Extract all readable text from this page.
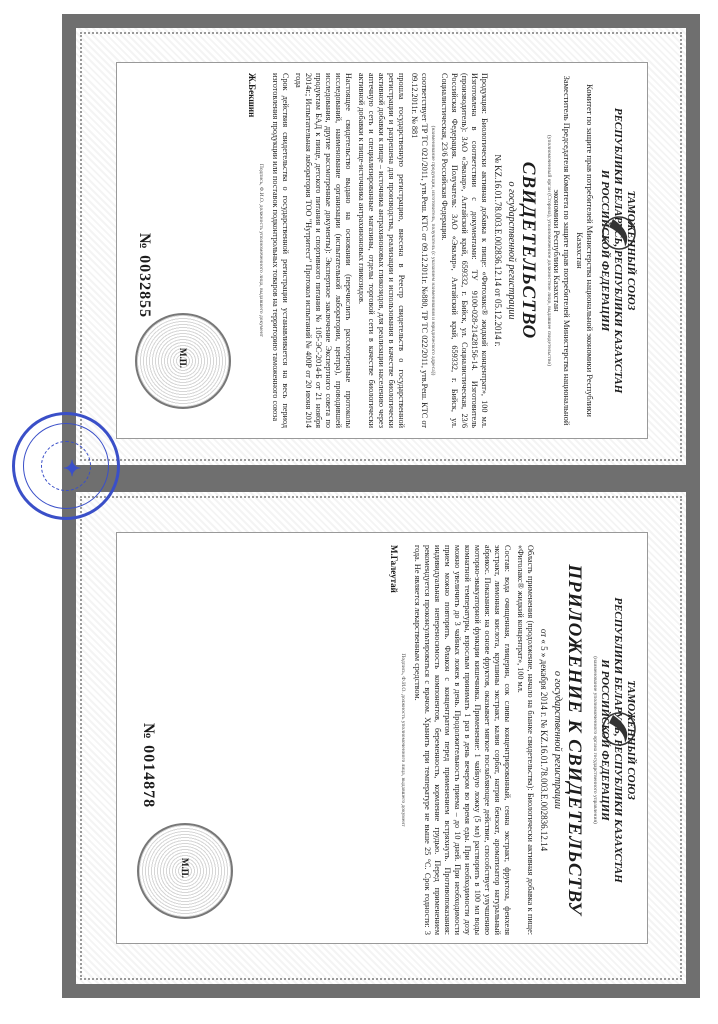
ТАМОЖЕННЫЙ СОЮЗ
РЕСПУБЛИКИ БЕЛАРУСЬ, РЕСПУБЛИКИ КАЗАХСТАН
И РОССИЙСКОЙ ФЕДЕРАЦИИ
Комитет по защите прав потребителей Министерства национальной экономики Республики Казахстан
Заместитель Председателя Комитета по защите прав потребителей Министерства национальной экономики Республики Казахстан
(уполномоченный орган (Сторона), уполномоченное должностное лицо, выдавшее свидетельство)
СВИДЕТЕЛЬСТВО
о государственной регистрации
№ KZ.16.01.78.003.Е.002836.12.14 от 05.12.2014 г.

Продукция: Биологически активная добавка к пище: «Фитолакс® жидкий концентрат», 100 мл. Изготовлена в соответствии с документами: ТУ 9100-028-21428156-14. Изготовитель (производитель): ЗАО «Эвалар», Алтайский край, 659332, г. Бийск, ул. Социалистическая, 23/6 Российская Федерация. Получатель: ЗАО «Эвалар», Алтайский край, 659332, г. Бийск, ул. Социалистическая, 23/6 Российская Федерация.

(наименование продукции, изготовитель, получатель (с указанием наименования и юридического адреса))

соответствует ТР ТС 021/2011, утв.Реш. КТС от 09.12.2011г. №880, ТР ТС 022/2011, утв.Реш. КТС от 09.12.2011г. № 881

прошла государственную регистрацию, внесена в Реестр свидетельств о государственной регистрации и разрешена для производства, реализации и использования в качестве биологически активной добавки к пище – источника антрахиноновых гликозидов, для реализации населению через аптечную сеть и специализированные магазины, отделы торговой сети в качестве биологически активной добавки к пище-источника антрахиноновых гликозидов.

Настоящее свидетельство выдано на основании (перечислить рассмотренные протоколы исследований, наименование организации (испытательной лаборатории, центра), проводившей исследования, другие рассмотренные документы): Экспертное заключение Экспертного совета по продуктам БАД к пище, детского питания и спортивного питания № 105-ЭС-2014-Б от 21 ноября 2014г.; Испытательная лаборатория ТОО "Нутритест" Протокол испытаний № 400Р от 20 июня 2014 года

Срок действия свидетельства о государственной регистрации устанавливается на весь период изготовления продукции или поставок подконтрольных товаров на территорию таможенного союза

Подпись, Ф.И.О. должность уполномоченного лица, выдавшего документ
Ж.Бекшин
М.П.
№ 0032855
ТАМОЖЕННЫЙ СОЮЗ
РЕСПУБЛИКИ БЕЛАРУСЬ, РЕСПУБЛИКИ КАЗАХСТАН
И РОССИЙСКОЙ ФЕДЕРАЦИИ
(наименование уполномоченного органа государственного управления)
ПРИЛОЖЕНИЕ К СВИДЕТЕЛЬСТВУ
о государственной регистрации
от « 5 » декабря 2014 г. № KZ.16.01.78.003.Е.002836.12.14

Область применения (продолжение, начало на бланке свидетельства): Биологически активная добавка к пище: «Фитолакс® жидкий концентрат», 100 мл.

Состав: вода очищенная, глицерин, сок сливы концентрированный, сенна экстракт, фруктоза, фенхеля экстракт, лимонная кислота, крушины экстракт, калия сорбат, натрия бензоат, ароматизатор натуральный абрикос. Показания: на основе фруктов, оказывает мягкое послабляющее действие, способствует улучшению моторно-эвакуаторной функции кишечника. Применение: 1 чайную ложку (5 мл) растворить в 100 мл воды комнатной температуры, взрослым принимать 1 раз в день вечером во время еды. При необходимости дозу можно увеличить до 3 чайных ложек в день. Продолжительность приема – до 10 дней. При необходимости прием можно повторить. Флакон с концентратом перед применением встряхнуть. Противопоказания: индивидуальная непереносимость компонентов, беременность, кормление грудью. Перед применением рекомендуется проконсультироваться с врачом. Хранить при температуре не выше 25 °С. Срок годности: 3 года. Не является лекарственным средством.

Подпись, Ф.И.О. должность уполномоченного лица, выдавшего документ
М.Галеутай
М.П.
№ 0014878
✦
